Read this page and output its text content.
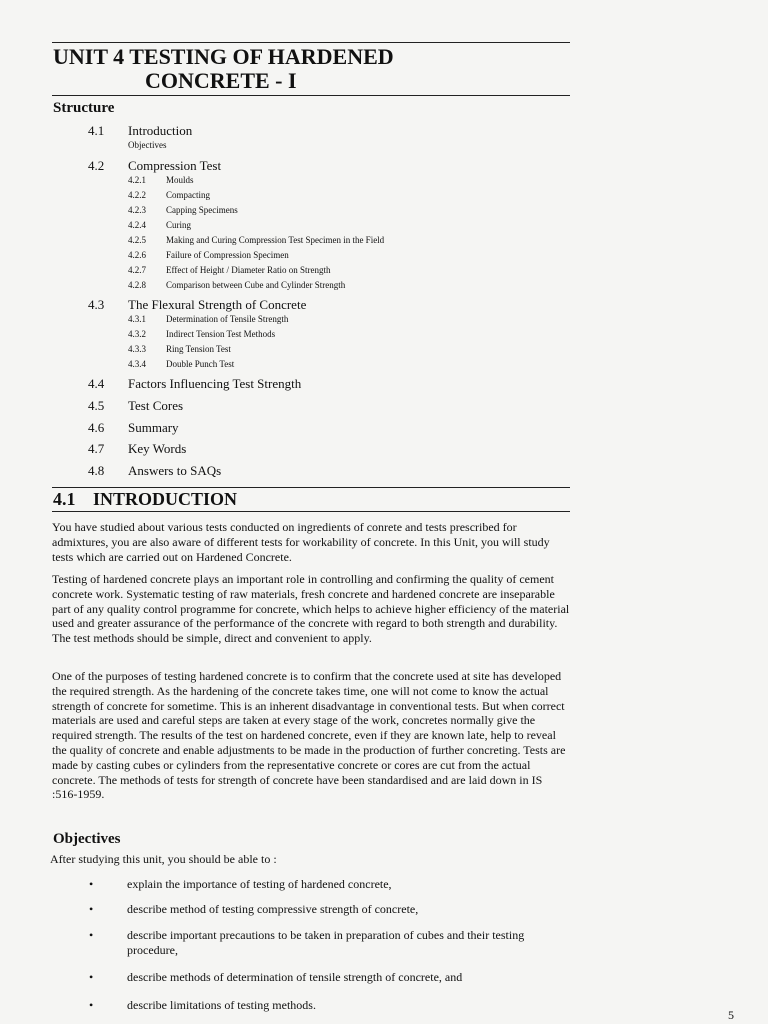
UNIT 4 TESTING OF HARDENED
CONCRETE - I
Structure
4.1 Introduction
Objectives
4.2 Compression Test
4.2.1 Moulds
4.2.2 Compacting
4.2.3 Capping Specimens
4.2.4 Curing
4.2.5 Making and Curing Compression Test Specimen in the Field
4.2.6 Failure of Compression Specimen
4.2.7 Effect of Height / Diameter Ratio on Strength
4.2.8 Comparison between Cube and Cylinder Strength
4.3 The Flexural Strength of Concrete
4.3.1 Determination of Tensile Strength
4.3.2 Indirect Tension Test Methods
4.3.3 Ring Tension Test
4.3.4 Double Punch Test
4.4 Factors Influencing Test Strength
4.5 Test Cores
4.6 Summary
4.7 Key Words
4.8 Answers to SAQs
4.1 INTRODUCTION

You have studied about various tests conducted on ingredients of conrete and tests prescribed for admixtures, you are also aware of different tests for workability of concrete. In this Unit, you will study tests which are carried out on Hardened Concrete.

Testing of hardened concrete plays an important role in controlling and confirming the quality of cement concrete work. Systematic testing of raw materials, fresh concrete and hardened concrete are inseparable part of any quality control programme for concrete, which helps to achieve higher efficiency of the material used and greater assurance of the performance of the concrete with regard to both strength and durability. The test methods should be simple, direct and convenient to apply.

One of the purposes of testing hardened concrete is to confirm that the concrete used at site has developed the required strength. As the hardening of the concrete takes time, one will not come to know the actual strength of concrete for sometime. This is an inherent disadvantage in conventional tests. But when correct materials are used and careful steps are taken at every stage of the work, concretes normally give the required strength. The results of the test on hardened concrete, even if they are known late, help to reveal the quality of concrete and enable adjustments to be made in the production of further concreting. Tests are made by casting cubes or cylinders from the representative concrete or cores are cut from the actual concrete. The methods of tests for strength of concrete have been standardised and are laid down in IS :516-1959.

Objectives
After studying this unit, you should be able to :
•	explain the importance of testing of hardened concrete,
•	describe method of testing compressive strength of concrete,
•	describe important precautions to be taken in preparation of cubes and their testing procedure,
•	describe methods of determination of tensile strength of concrete, and
•	describe limitations of testing methods.
5
